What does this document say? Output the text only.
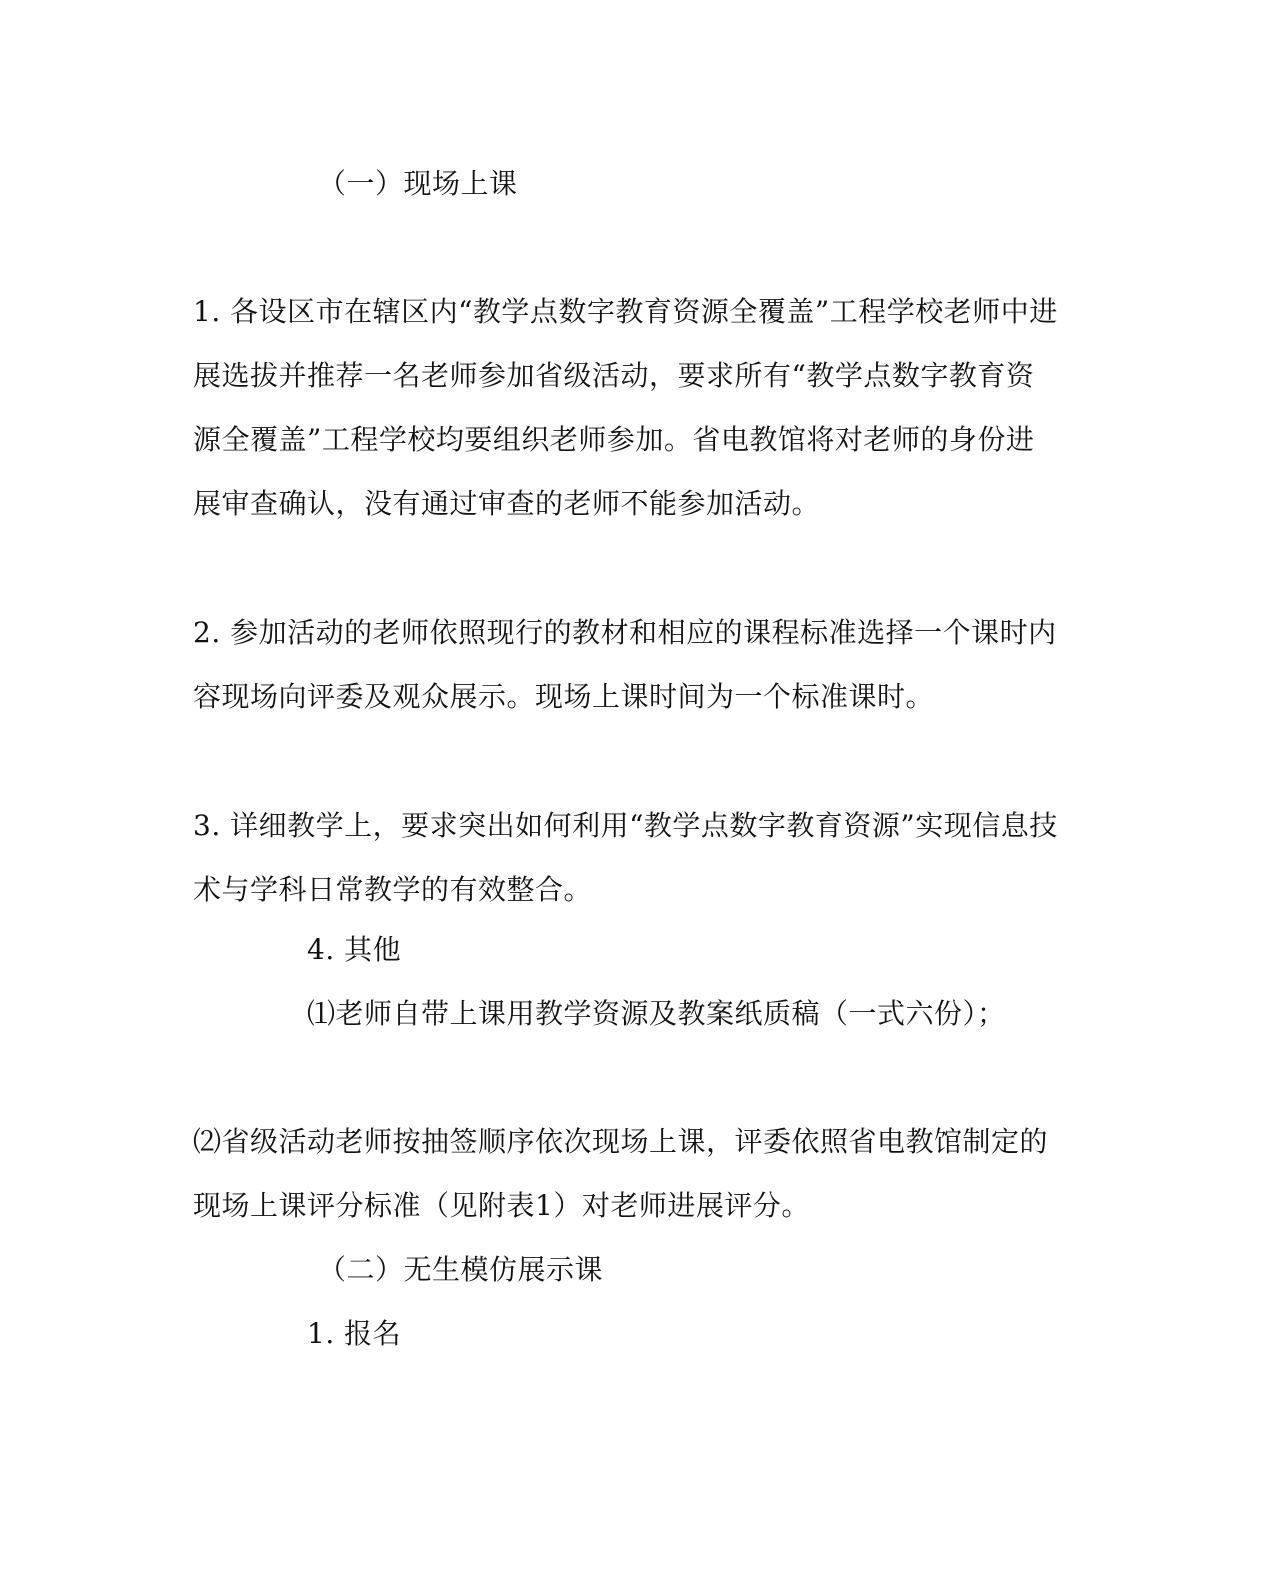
（一）现场上课
1. 各设区市在辖区内“教学点数字教育资源全覆盖”工程学校老师中进
展选拔并推荐一名老师参加省级活动，要求所有“教学点数字教育资
源全覆盖”工程学校均要组织老师参加。省电教馆将对老师的身份进
展审查确认，没有通过审查的老师不能参加活动。
2. 参加活动的老师依照现行的教材和相应的课程标准选择一个课时内
容现场向评委及观众展示。现场上课时间为一个标准课时。
3. 详细教学上，要求突出如何利用“教学点数字教育资源”实现信息技
术与学科日常教学的有效整合。
4. 其他
⑴老师自带上课用教学资源及教案纸质稿（一式六份）；
⑵省级活动老师按抽签顺序依次现场上课，评委依照省电教馆制定的
现场上课评分标准（见附表1）对老师进展评分。
（二）无生模仿展示课
1. 报名
